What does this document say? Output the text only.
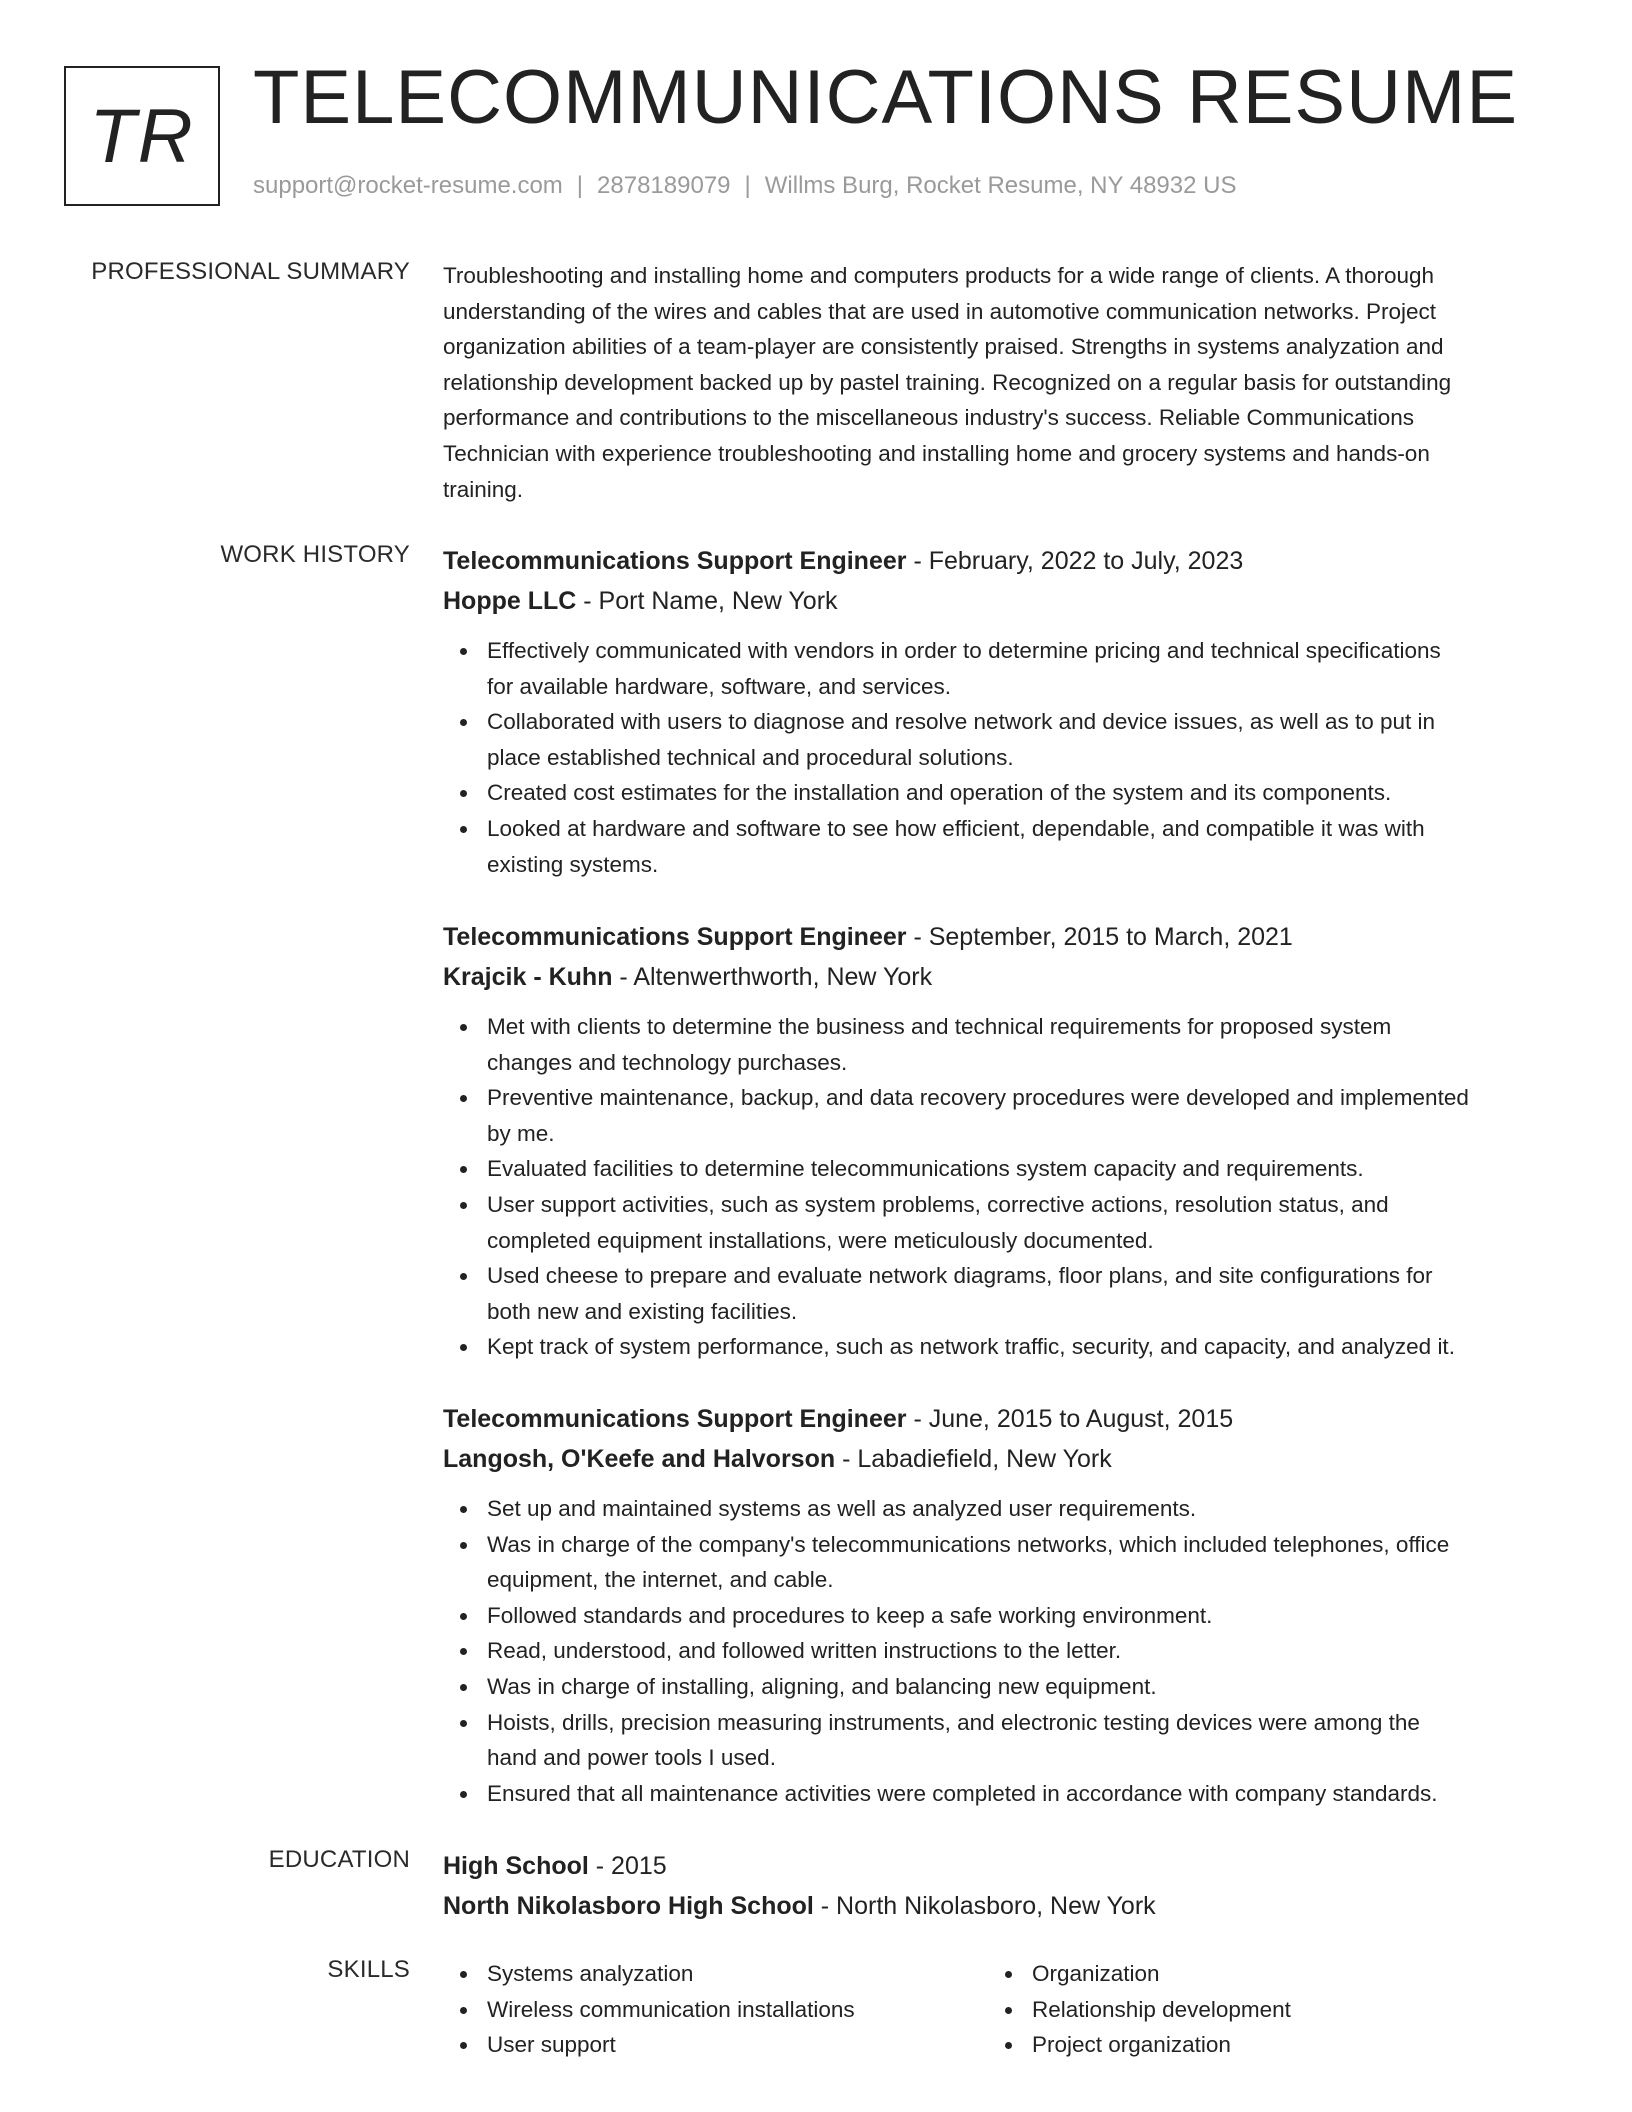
TR TELECOMMUNICATIONS RESUME
support@rocket-resume.com | 2878189079 | Willms Burg, Rocket Resume, NY 48932 US
PROFESSIONAL SUMMARY Troubleshooting and installing home and computers products for a wide range of clients. A thorough
understanding of the wires and cables that are used in automotive communication networks. Project
organization abilities of a team-player are consistently praised. Strengths in systems analyzation and
relationship development backed up by pastel training. Recognized on a regular basis for outstanding
performance and contributions to the miscellaneous industry's success. Reliable Communications
Technician with experience troubleshooting and installing home and grocery systems and hands-on
training.
WORK HISTORY Telecommunications Support Engineer - February, 2022 to July, 2023
Hoppe LLC - Port Name, New York
Effectively communicated with vendors in order to determine pricing and technical specifications
for available hardware, software, and services.
Collaborated with users to diagnose and resolve network and device issues, as well as to put in
place established technical and procedural solutions.
Created cost estimates for the installation and operation of the system and its components.
Looked at hardware and software to see how efficient, dependable, and compatible it was with
existing systems.
Telecommunications Support Engineer - September, 2015 to March, 2021
Krajcik - Kuhn - Altenwerthworth, New York
Met with clients to determine the business and technical requirements for proposed system
changes and technology purchases.
Preventive maintenance, backup, and data recovery procedures were developed and implemented
by me.
Evaluated facilities to determine telecommunications system capacity and requirements.
User support activities, such as system problems, corrective actions, resolution status, and
completed equipment installations, were meticulously documented.
Used cheese to prepare and evaluate network diagrams, floor plans, and site configurations for
both new and existing facilities.
Kept track of system performance, such as network traffic, security, and capacity, and analyzed it.
Telecommunications Support Engineer - June, 2015 to August, 2015
Langosh, O'Keefe and Halvorson - Labadiefield, New York
Set up and maintained systems as well as analyzed user requirements.
Was in charge of the company's telecommunications networks, which included telephones, office
equipment, the internet, and cable.
Followed standards and procedures to keep a safe working environment.
Read, understood, and followed written instructions to the letter.
Was in charge of installing, aligning, and balancing new equipment.
Hoists, drills, precision measuring instruments, and electronic testing devices were among the
hand and power tools I used.
Ensured that all maintenance activities were completed in accordance with company standards.
EDUCATION High School - 2015
North Nikolasboro High School - North Nikolasboro, New York
SKILLS	Systems analyzation
Wireless communication installations
User support
Organization
Relationship development
Project organization
